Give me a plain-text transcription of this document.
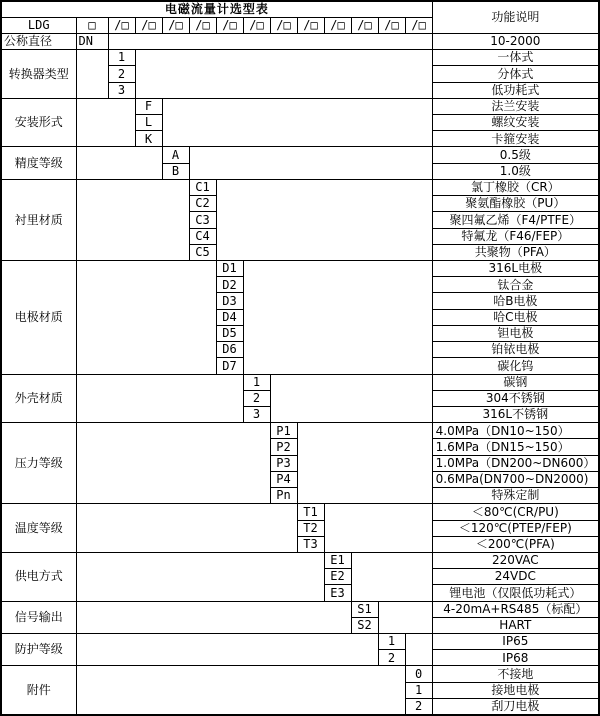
电磁流量计选型表														功能说明
LDG	□	/□	/□	/□	/□	/□	/□	/□	/□	/□	/□	/□	/□	
公称直径	DN													10-2000
转换器类型		1												一体式
		2												分体式
		3												低功耗式
安装形式			F											法兰安装
			L											螺纹安装
			K											卡箍安装
精度等级				A										0.5级
				B										1.0级
衬里材质					C1									氯丁橡胶（CR）
					C2									聚氨酯橡胶（PU）
					C3									聚四氟乙烯（F4/PTFE）
					C4									特氟龙（F46/FEP）
					C5									共聚物（PFA）
电极材质						D1								316L电极
						D2								钛合金
						D3								哈B电极
						D4								哈C电极
						D5								钽电极
						D6								铂铱电极
						D7								碳化钨
外壳材质							1							碳钢
							2							304不锈钢
							3							316L不锈钢
压力等级								P1						4.0MPa（DN10~150）
								P2						1.6MPa（DN15~150）
								P3						1.0MPa（DN200~DN600）
								P4						0.6MPa(DN700~DN2000)
								Pn						特殊定制
温度等级									T1					＜80℃(CR/PU)
									T2					＜120℃(PTEP/FEP)
									T3					＜200℃(PFA)
供电方式										E1				220VAC
										E2				24VDC
										E3				锂电池（仅限低功耗式）
信号输出											S1			4-20mA+RS485（标配）
											S2			HART
防护等级												1		IP65
												2		IP68
附件													0	不接地
													1	接地电极
													2	刮刀电极
